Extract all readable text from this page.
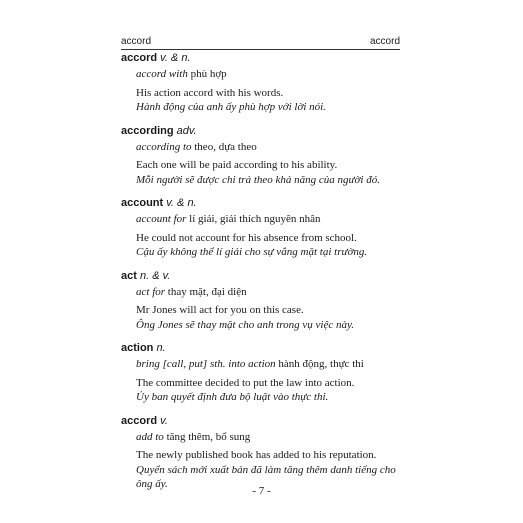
accord	accord

accord v. & n.

accord with phù hợp
His action accord with his words.
Hành động của anh ấy phù hợp với lời nói.

according adv.

according to theo, dựa theo
Each one will be paid according to his ability.
Mỗi người sẽ được chi trả theo khả năng của người đó.

account v. & n.

account for lí giải, giải thích nguyên nhân
He could not account for his absence from school.
Cậu ấy không thể lí giải cho sự vắng mặt tại trường.

act n. & v.

act for thay mặt, đại diện
Mr Jones will act for you on this case.
Ông Jones sẽ thay mặt cho anh trong vụ việc này.

action n.

bring [call, put] sth. into action hành động, thực thi
The committee decided to put the law into action.
Ủy ban quyết định đưa bộ luật vào thực thi.

accord v.

add to tăng thêm, bổ sung
The newly published book has added to his reputation.
Quyển sách mới xuất bản đã làm tăng thêm danh tiếng cho ông ấy.
- 7 -
